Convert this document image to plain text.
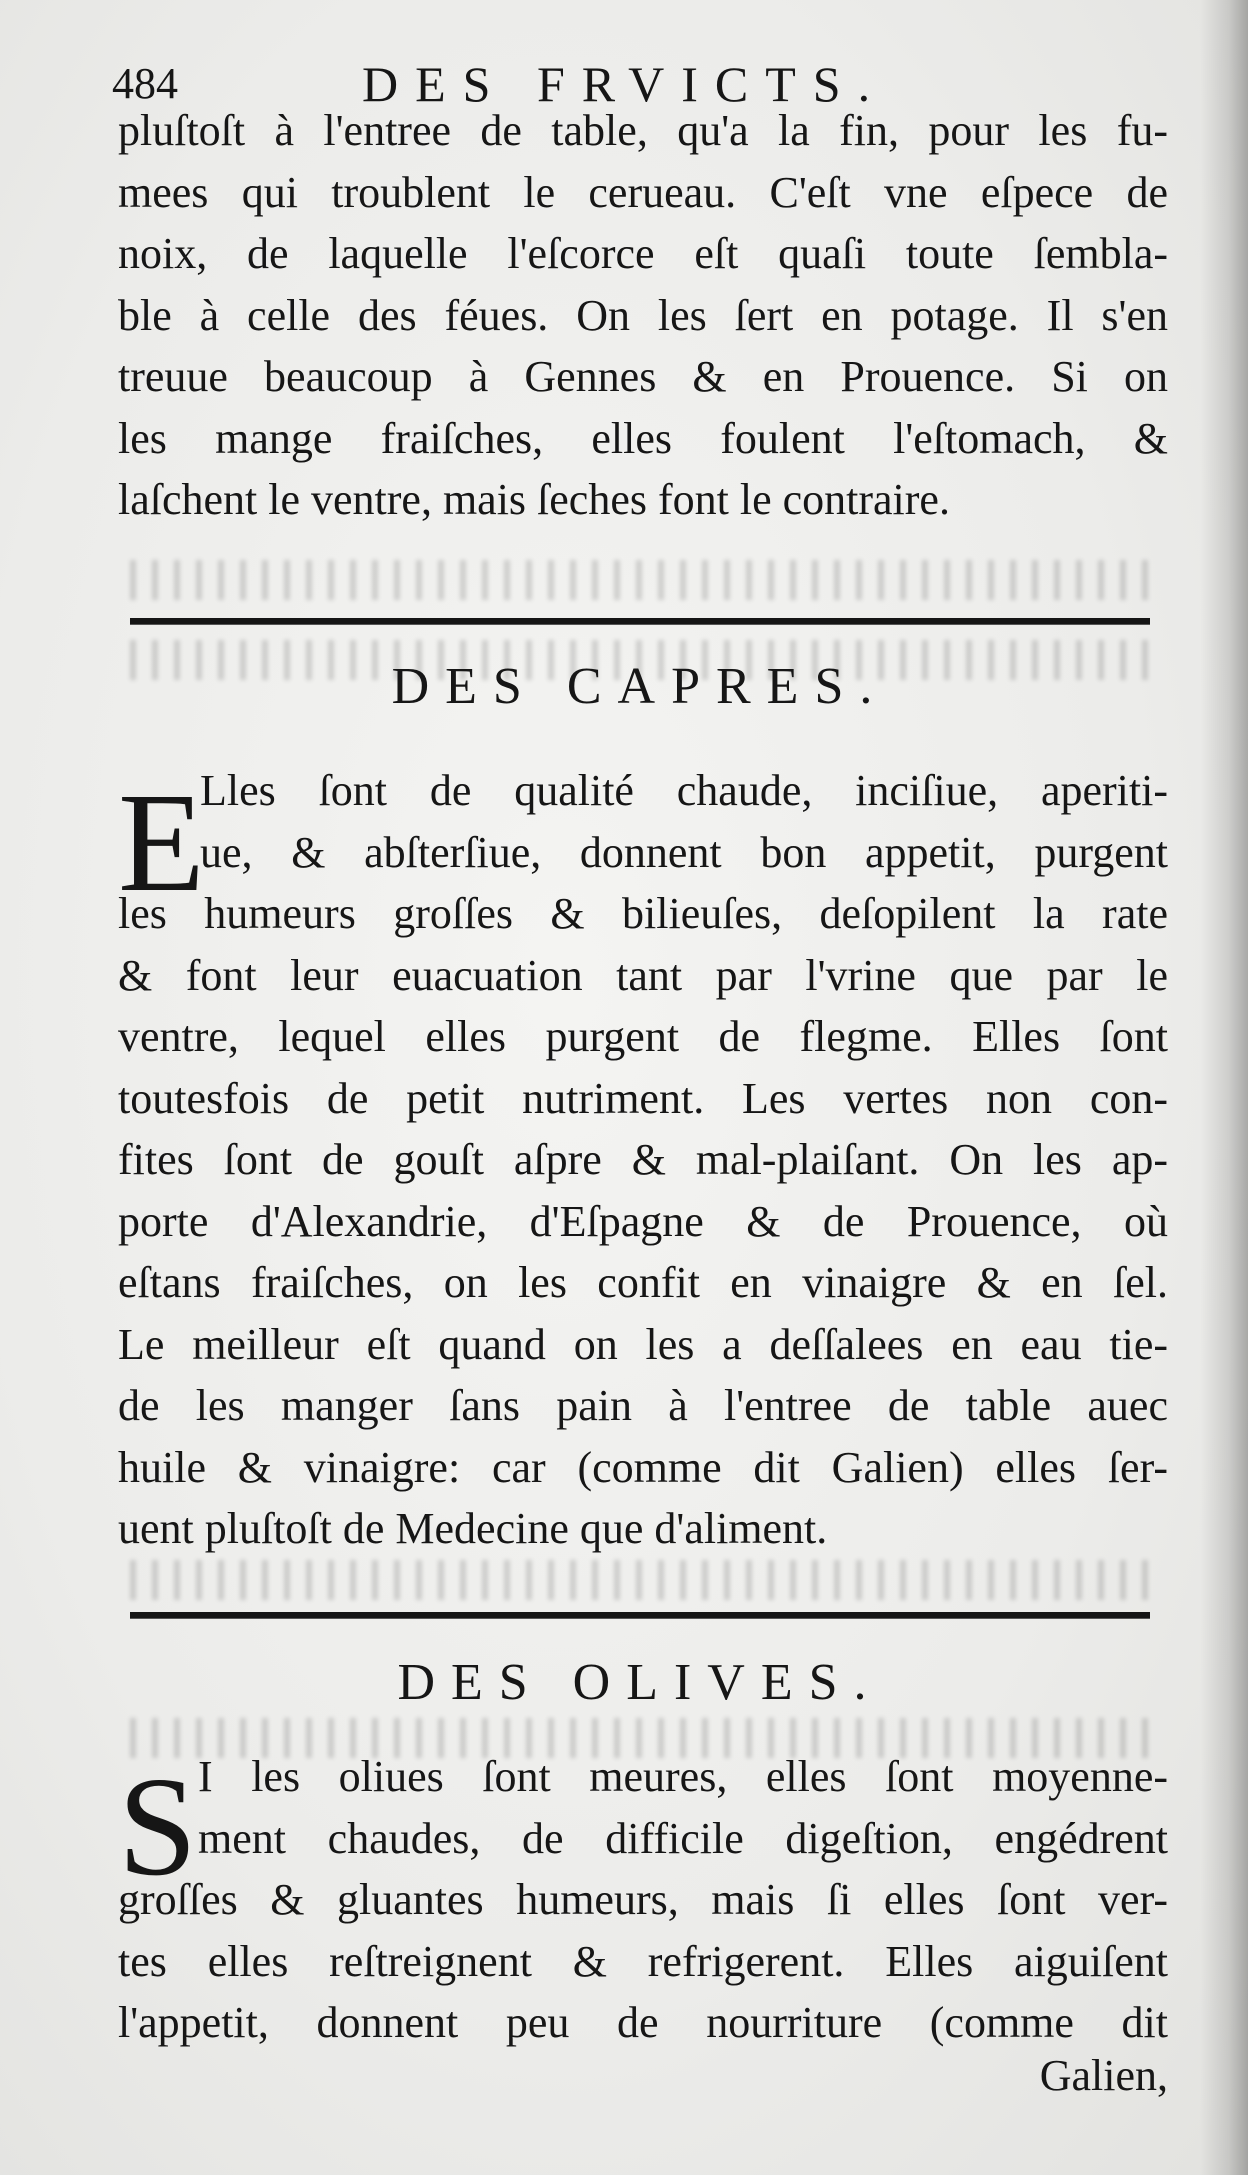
484	DES FRVICTS.
pluſtoſt à l'entree de table, qu'a la fin, pour les fu-
mees qui troublent le cerueau. C'eſt vne eſpece de
noix, de laquelle l'eſcorce eſt quaſi toute ſembla-
ble à celle des féues. On les ſert en potage. Il s'en
treuue beaucoup à Gennes & en Prouence. Si on
les mange fraiſches, elles foulent l'eſtomach, &
laſchent le ventre, mais ſeches font le contraire.
DES CAPRES.
E
Lles ſont de qualité chaude, inciſiue, aperiti-
ue, & abſterſiue, donnent bon appetit, purgent
les humeurs groſſes & bilieuſes, deſopilent la rate
& font leur euacuation tant par l'vrine que par le
ventre, lequel elles purgent de flegme. Elles ſont
toutesfois de petit nutriment. Les vertes non con-
fites ſont de gouſt aſpre & mal-plaiſant. On les ap-
porte d'Alexandrie, d'Eſpagne & de Prouence, où
eſtans fraiſches, on les confit en vinaigre & en ſel.
Le meilleur eſt quand on les a deſſalees en eau tie-
de les manger ſans pain à l'entree de table auec
huile & vinaigre: car (comme dit Galien) elles ſer-
uent pluſtoſt de Medecine que d'aliment.
DES OLIVES.
S I les oliues ſont meures, elles ſont moyenne-
ment chaudes, de difficile digeſtion, engédrent
groſſes & gluantes humeurs, mais ſi elles ſont ver-
tes elles reſtreignent & refrigerent. Elles aiguiſent
l'appetit, donnent peu de nourriture (comme dit
Galien,
